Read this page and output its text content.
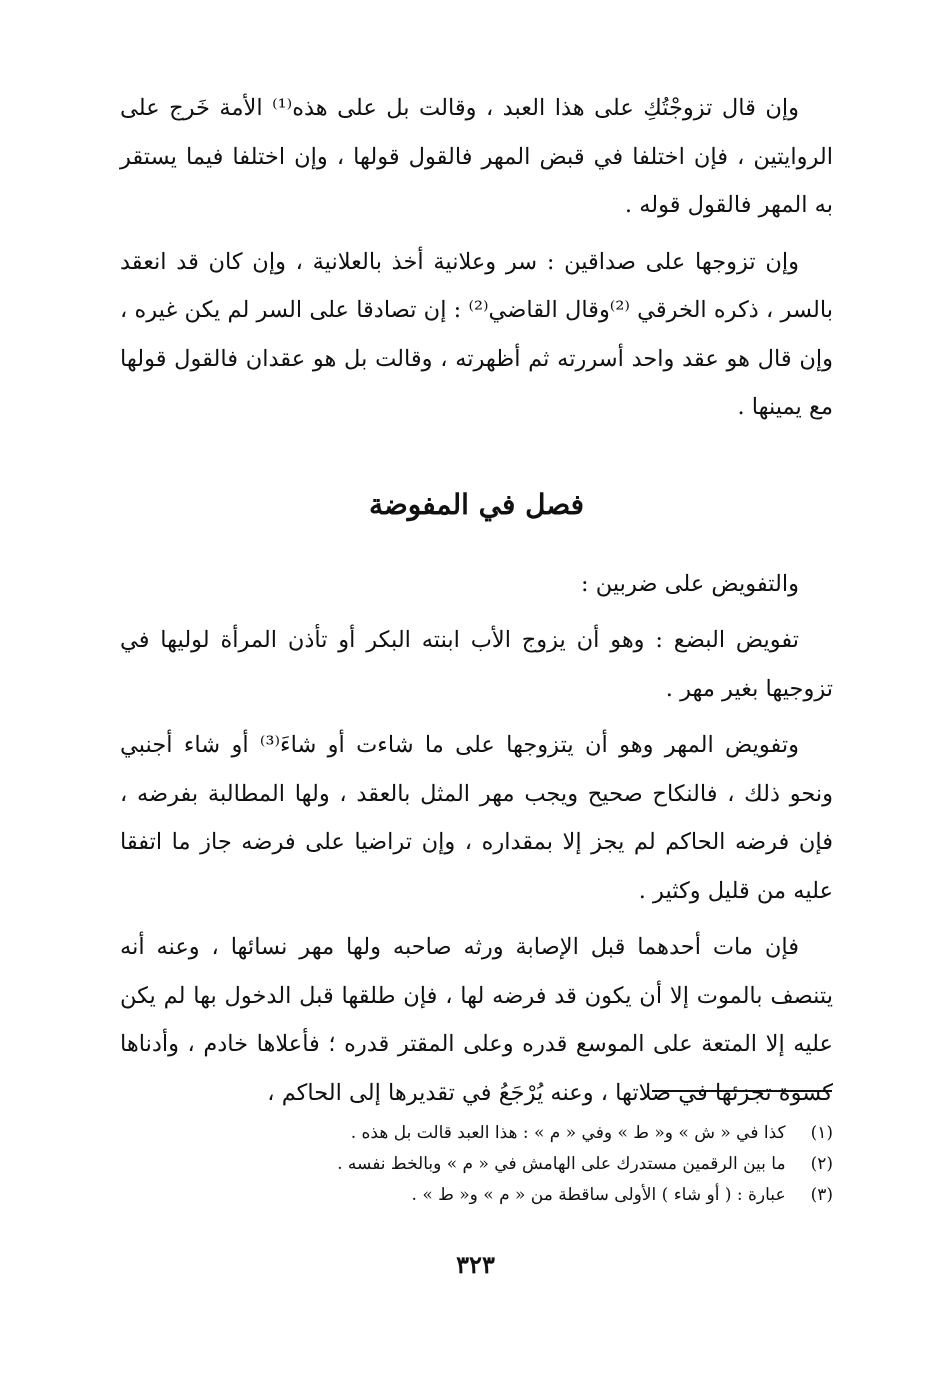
وإن قال تزوجْتُكِ على هذا العبد ، وقالت بل على هذه⁽¹⁾ الأمة خَرج على الروايتين ، فإن اختلفا في قبض المهر فالقول قولها ، وإن اختلفا فيما يستقر به المهر فالقول قوله .

وإن تزوجها على صداقين : سر وعلانية أخذ بالعلانية ، وإن كان قد انعقد بالسر ، ذكره الخرقي ⁽²⁾وقال القاضي⁽²⁾ : إن تصادقا على السر لم يكن غيره ، وإن قال هو عقد واحد أسررته ثم أظهرته ، وقالت بل هو عقدان فالقول قولها مع يمينها .

فصل في المفوضة

والتفويض على ضربين :

تفويض البضع : وهو أن يزوج الأب ابنته البكر أو تأذن المرأة لوليها في تزوجيها بغير مهر .

وتفويض المهر وهو أن يتزوجها على ما شاءت أو شاءَ⁽³⁾ أو شاء أجنبي ونحو ذلك ، فالنكاح صحيح ويجب مهر المثل بالعقد ، ولها المطالبة بفرضه ، فإن فرضه الحاكم لم يجز إلا بمقداره ، وإن تراضيا على فرضه جاز ما اتفقا عليه من قليل وكثير .

فإن مات أحدهما قبل الإصابة ورثه صاحبه ولها مهر نسائها ، وعنه أنه يتنصف بالموت إلا أن يكون قد فرضه لها ، فإن طلقها قبل الدخول بها لم يكن عليه إلا المتعة على الموسع قدره وعلى المقتر قدره ؛ فأعلاها خادم ، وأدناها كسوة تجزئها في صلاتها ، وعنه يُرْجَعُ في تقديرها إلى الحاكم ،

(١) كذا في « ش » و« ط » وفي « م » : هذا العبد قالت بل هذه .
(٢) ما بين الرقمين مستدرك على الهامش في « م » وبالخط نفسه .
(٣) عبارة : ( أو شاء ) الأولى ساقطة من « م » و« ط » .
٣٢٣
